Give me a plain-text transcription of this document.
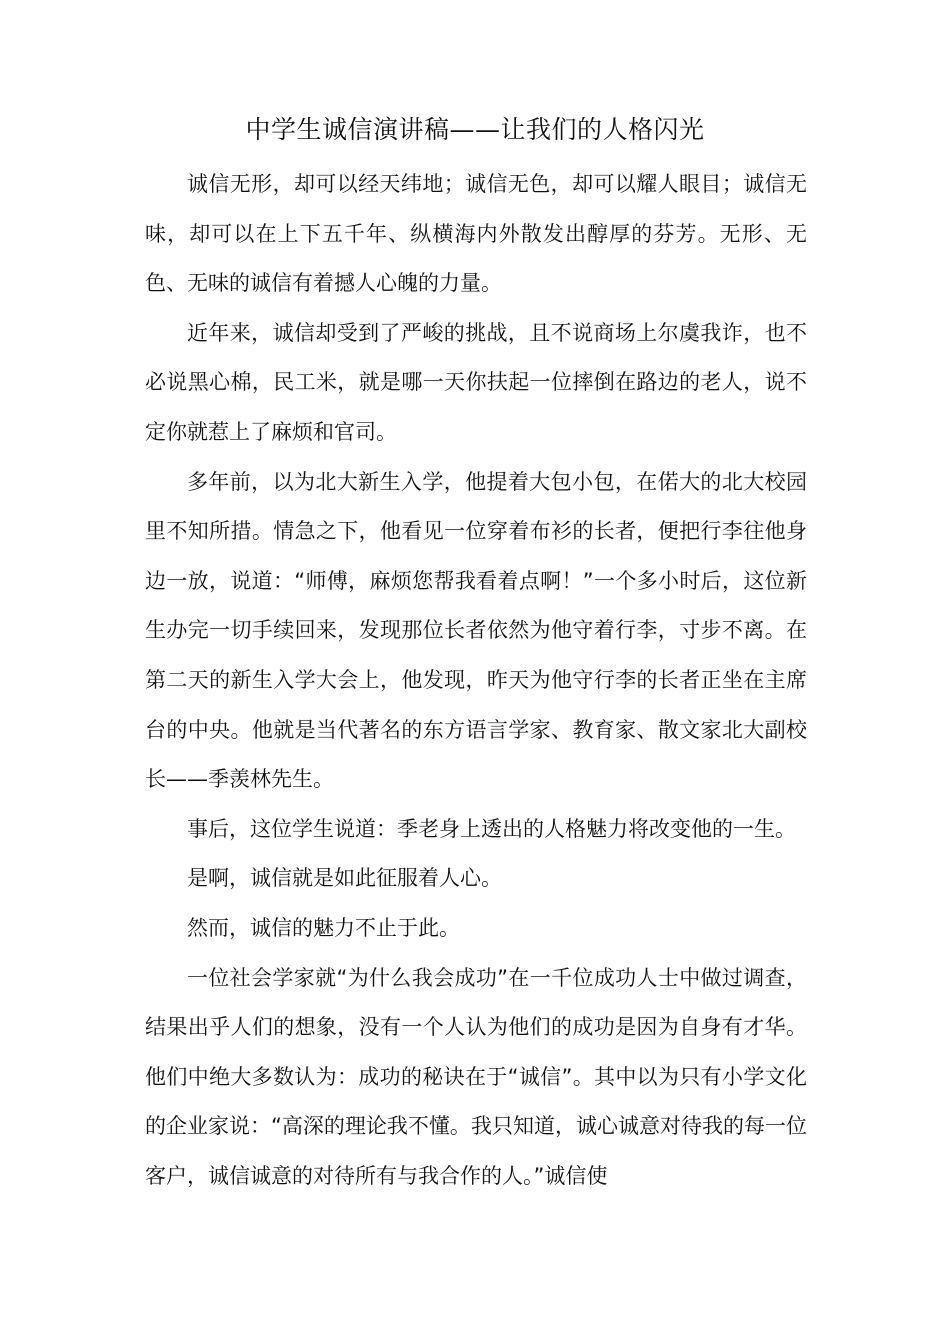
中学生诚信演讲稿——让我们的人格闪光

诚信无形，却可以经天纬地；诚信无色，却可以耀人眼目；诚信无味，却可以在上下五千年、纵横海内外散发出醇厚的芬芳。无形、无色、无味的诚信有着撼人心魄的力量。

近年来，诚信却受到了严峻的挑战，且不说商场上尔虞我诈，也不必说黑心棉，民工米，就是哪一天你扶起一位摔倒在路边的老人，说不定你就惹上了麻烦和官司。

多年前，以为北大新生入学，他提着大包小包，在偌大的北大校园里不知所措。情急之下，他看见一位穿着布衫的长者，便把行李往他身边一放，说道：“师傅，麻烦您帮我看着点啊！”一个多小时后，这位新生办完一切手续回来，发现那位长者依然为他守着行李，寸步不离。在第二天的新生入学大会上，他发现，昨天为他守行李的长者正坐在主席台的中央。他就是当代著名的东方语言学家、教育家、散文家北大副校长——季羡林先生。

事后，这位学生说道：季老身上透出的人格魅力将改变他的一生。

是啊，诚信就是如此征服着人心。

然而，诚信的魅力不止于此。

一位社会学家就“为什么我会成功”在一千位成功人士中做过调查，结果出乎人们的想象，没有一个人认为他们的成功是因为自身有才华。他们中绝大多数认为：成功的秘诀在于“诚信”。其中以为只有小学文化的企业家说：“高深的理论我不懂。我只知道，诚心诚意对待我的每一位客户，诚信诚意的对待所有与我合作的人。”诚信使
